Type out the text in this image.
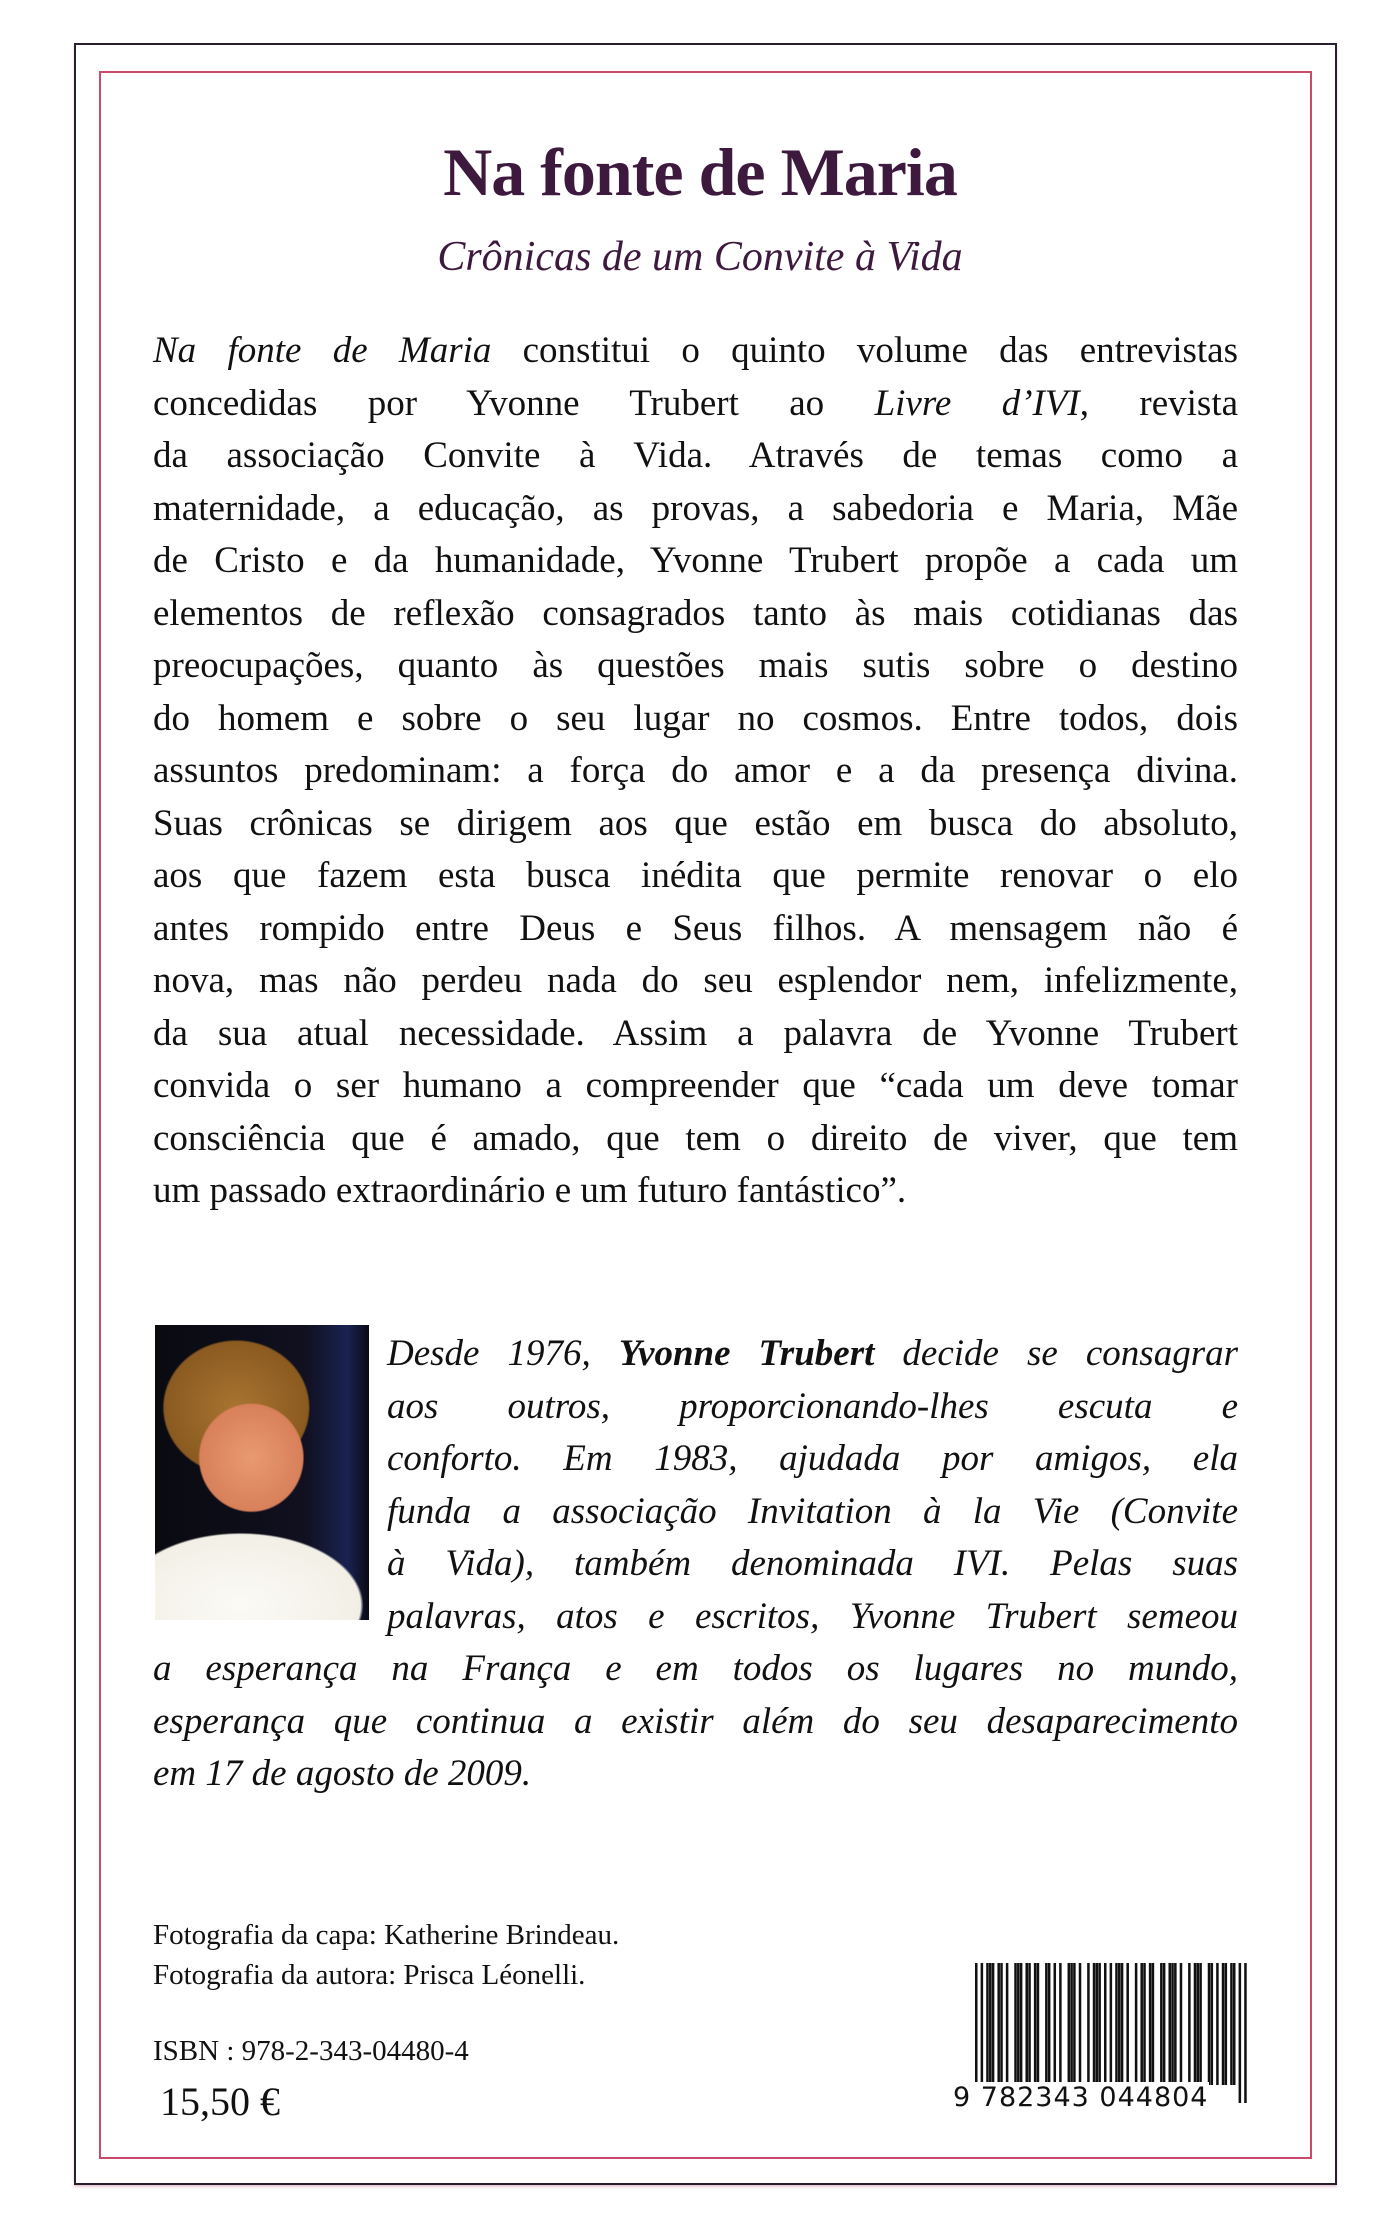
Na fonte de Maria
Crônicas de um Convite à Vida
Na fonte de Maria constitui o quinto volume das entrevistas
concedidas por Yvonne Trubert ao Livre d’IVI, revista
da associação Convite à Vida. Através de temas como a
maternidade, a educação, as provas, a sabedoria e Maria, Mãe
de Cristo e da humanidade, Yvonne Trubert propõe a cada um
elementos de reflexão consagrados tanto às mais cotidianas das
preocupações, quanto às questões mais sutis sobre o destino
do homem e sobre o seu lugar no cosmos. Entre todos, dois
assuntos predominam: a força do amor e a da presença divina.
Suas crônicas se dirigem aos que estão em busca do absoluto,
aos que fazem esta busca inédita que permite renovar o elo
antes rompido entre Deus e Seus filhos. A mensagem não é
nova, mas não perdeu nada do seu esplendor nem, infelizmente,
da sua atual necessidade. Assim a palavra de Yvonne Trubert
convida o ser humano a compreender que “cada um deve tomar
consciência que é amado, que tem o direito de viver, que tem
um passado extraordinário e um futuro fantástico”.
Desde 1976, Yvonne Trubert decide se consagrar
aos outros, proporcionando-lhes escuta e
conforto. Em 1983, ajudada por amigos, ela
funda a associação Invitation à la Vie (Convite
à Vida), também denominada IVI. Pelas suas
palavras, atos e escritos, Yvonne Trubert semeou
a esperança na França e em todos os lugares no mundo,
esperança que continua a existir além do seu desaparecimento
em 17 de agosto de 2009.
Fotografia da capa: Katherine Brindeau.
Fotografia da autora: Prisca Léonelli.
ISBN : 978-2-343-04480-4
15,50 €	9 782343 044804
